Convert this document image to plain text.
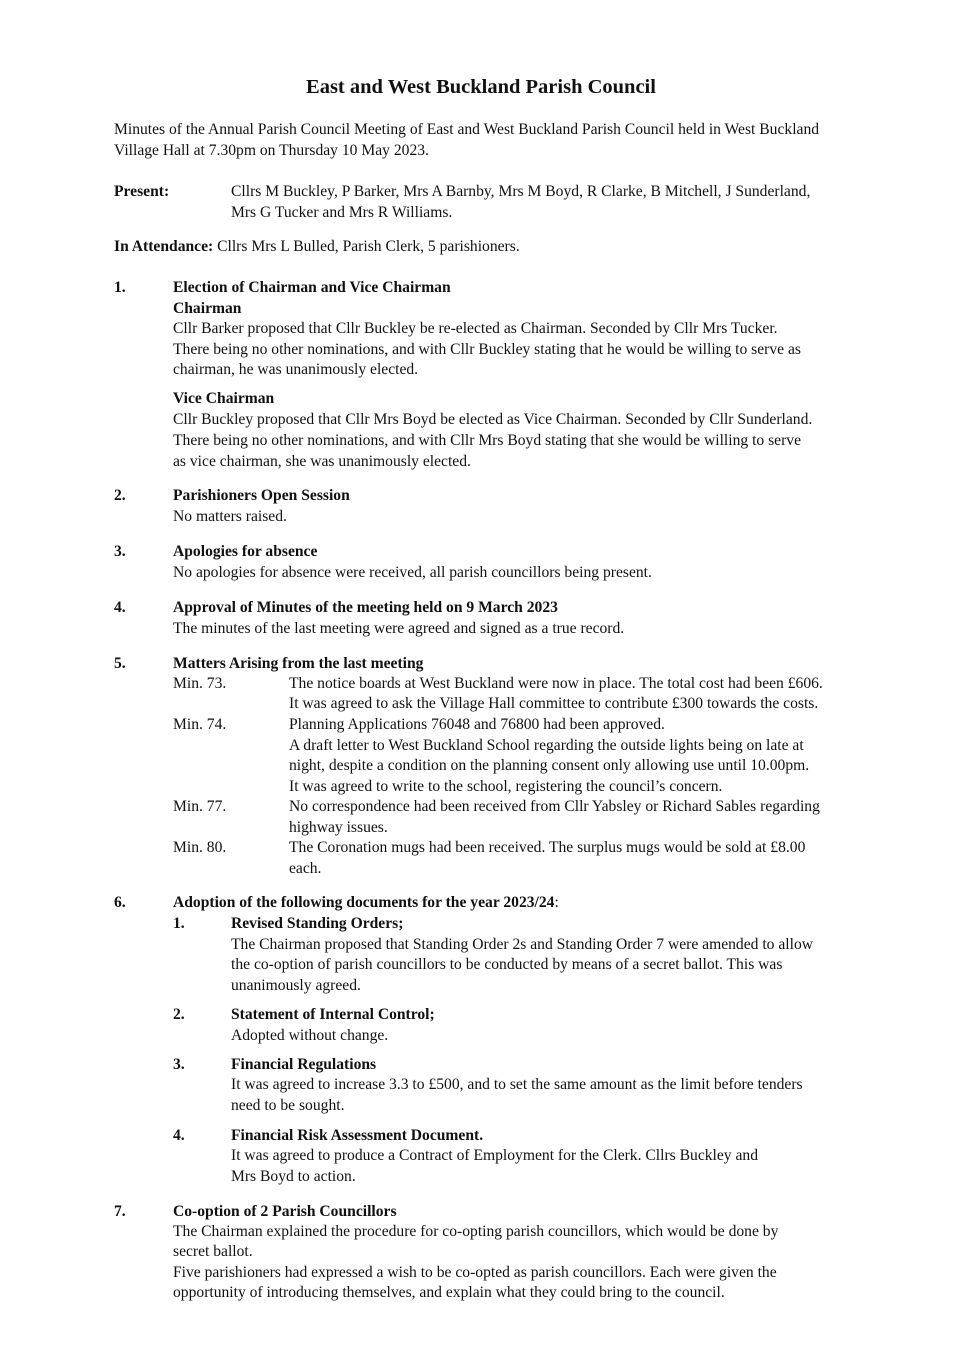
East and West Buckland Parish Council
Minutes of the Annual Parish Council Meeting of East and West Buckland Parish Council held in West Buckland
Village Hall at 7.30pm on Thursday 10 May 2023.
Present:	Cllrs M Buckley, P Barker, Mrs A Barnby, Mrs M Boyd, R Clarke, B Mitchell, J Sunderland,
Mrs G Tucker and Mrs R Williams.
In Attendance: Cllrs Mrs L Bulled, Parish Clerk, 5 parishioners.
1.	Election of Chairman and Vice Chairman
Chairman
Cllr Barker proposed that Cllr Buckley be re-elected as Chairman. Seconded by Cllr Mrs Tucker.
There being no other nominations, and with Cllr Buckley stating that he would be willing to serve as
chairman, he was unanimously elected.
Vice Chairman
Cllr Buckley proposed that Cllr Mrs Boyd be elected as Vice Chairman. Seconded by Cllr Sunderland.
There being no other nominations, and with Cllr Mrs Boyd stating that she would be willing to serve
as vice chairman, she was unanimously elected.
2.	Parishioners Open Session
No matters raised.
3.	Apologies for absence
No apologies for absence were received, all parish councillors being present.
4.	Approval of Minutes of the meeting held on 9 March 2023
The minutes of the last meeting were agreed and signed as a true record.
5.	Matters Arising from the last meeting
Min. 73.	The notice boards at West Buckland were now in place. The total cost had been £606.
It was agreed to ask the Village Hall committee to contribute £300 towards the costs.
Min. 74.	Planning Applications 76048 and 76800 had been approved.
A draft letter to West Buckland School regarding the outside lights being on late at
night, despite a condition on the planning consent only allowing use until 10.00pm.
It was agreed to write to the school, registering the council’s concern.
Min. 77.	No correspondence had been received from Cllr Yabsley or Richard Sables regarding
highway issues.
Min. 80.	The Coronation mugs had been received. The surplus mugs would be sold at £8.00
each.
6.	Adoption of the following documents for the year 2023/24:
1.	Revised Standing Orders;
The Chairman proposed that Standing Order 2s and Standing Order 7 were amended to allow
the co-option of parish councillors to be conducted by means of a secret ballot. This was
unanimously agreed.
2.	Statement of Internal Control;
Adopted without change.
3.	Financial Regulations
It was agreed to increase 3.3 to £500, and to set the same amount as the limit before tenders
need to be sought.
4.	Financial Risk Assessment Document.
It was agreed to produce a Contract of Employment for the Clerk. Cllrs Buckley and
Mrs Boyd to action.
7.	Co-option of 2 Parish Councillors
The Chairman explained the procedure for co-opting parish councillors, which would be done by
secret ballot.
Five parishioners had expressed a wish to be co-opted as parish councillors. Each were given the
opportunity of introducing themselves, and explain what they could bring to the council.
